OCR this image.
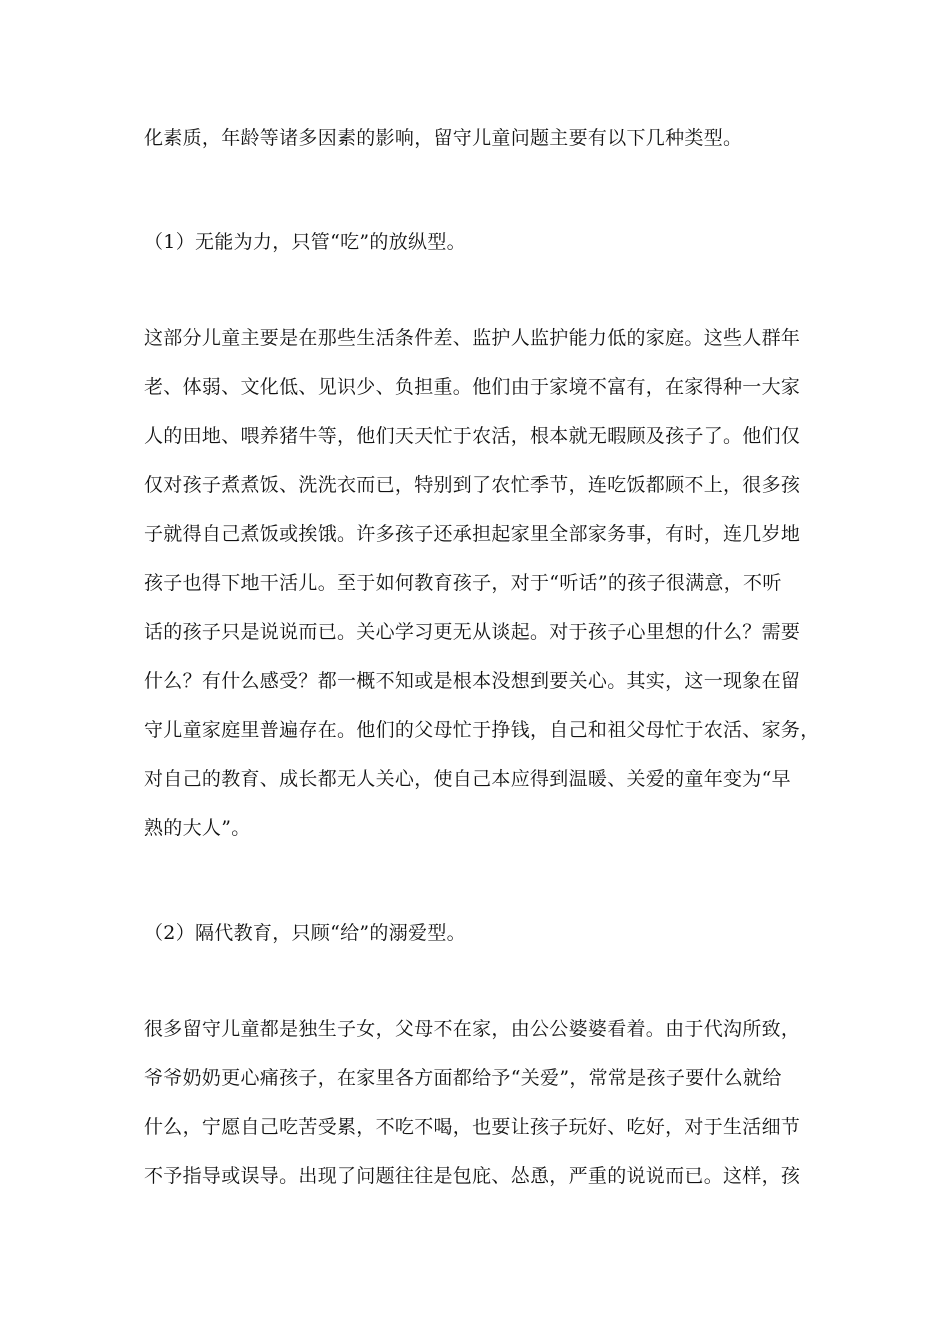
化素质，年龄等诸多因素的影响，留守儿童问题主要有以下几种类型。
（1）无能为力，只管“吃”的放纵型。
这部分儿童主要是在那些生活条件差、监护人监护能力低的家庭。这些人群年
老、体弱、文化低、见识少、负担重。他们由于家境不富有，在家得种一大家
人的田地、喂养猪牛等，他们天天忙于农活，根本就无暇顾及孩子了。他们仅
仅对孩子煮煮饭、洗洗衣而已，特别到了农忙季节，连吃饭都顾不上，很多孩
子就得自己煮饭或挨饿。许多孩子还承担起家里全部家务事，有时，连几岁地
孩子也得下地干活儿。至于如何教育孩子，对于“听话”的孩子很满意，不听
话的孩子只是说说而已。关心学习更无从谈起。对于孩子心里想的什么？需要
什么？有什么感受？都一概不知或是根本没想到要关心。其实，这一现象在留
守儿童家庭里普遍存在。他们的父母忙于挣钱，自己和祖父母忙于农活、家务，
对自己的教育、成长都无人关心，使自己本应得到温暖、关爱的童年变为“早
熟的大人”。
（2）隔代教育，只顾“给”的溺爱型。
很多留守儿童都是独生子女，父母不在家，由公公婆婆看着。由于代沟所致，
爷爷奶奶更心痛孩子，在家里各方面都给予“关爱”，常常是孩子要什么就给
什么，宁愿自己吃苦受累，不吃不喝，也要让孩子玩好、吃好，对于生活细节
不予指导或误导。出现了问题往往是包庇、怂恿，严重的说说而已。这样，孩
